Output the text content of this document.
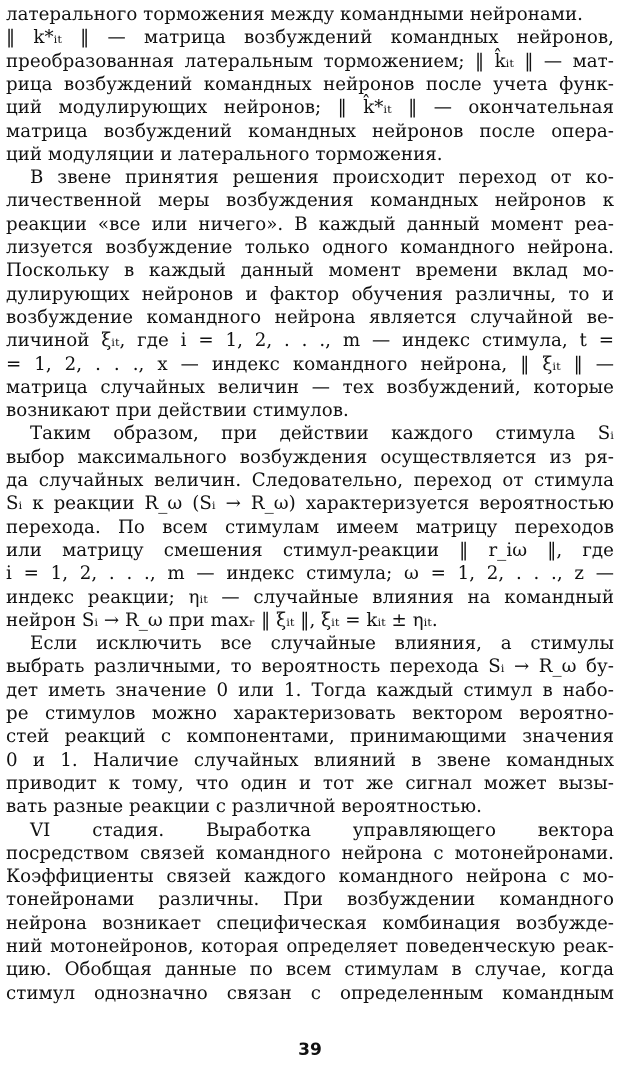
латерального торможения между командными нейронами.
‖ k*ᵢₜ ‖ — матрица возбуждений командных нейронов,
преобразованная латеральным торможением; ‖ k̂ᵢₜ ‖ — мат-
рица возбуждений командных нейронов после учета функ-
ций модулирующих нейронов; ‖ k̂*ᵢₜ ‖ — окончательная
матрица возбуждений командных нейронов после опера-
ций модуляции и латерального торможения.
В звене принятия решения происходит переход от ко-
личественной меры возбуждения командных нейронов к
реакции «все или ничего». В каждый данный момент реа-
лизуется возбуждение только одного командного нейрона.
Поскольку в каждый данный момент времени вклад мо-
дулирующих нейронов и фактор обучения различны, то и
возбуждение командного нейрона является случайной ве-
личиной ξᵢₜ, где i = 1, 2, . . ., m — индекс стимула, t =
= 1, 2, . . ., x — индекс командного нейрона, ‖ ξᵢₜ ‖ —
матрица случайных величин — тех возбуждений, которые
возникают при действии стимулов.
Таким образом, при действии каждого стимула Sᵢ
выбор максимального возбуждения осуществляется из ря-
да случайных величин. Следовательно, переход от стимула
Sᵢ к реакции R_ω (Sᵢ → R_ω) характеризуется вероятностью
перехода. По всем стимулам имеем матрицу переходов
или матрицу смешения стимул-реакции ‖ r_iω ‖, где
i = 1, 2, . . ., m — индекс стимула; ω = 1, 2, . . ., z —
индекс реакции; ηᵢₜ — случайные влияния на командный
нейрон Sᵢ → R_ω при maxᵣ ‖ ξᵢₜ ‖, ξᵢₜ = kᵢₜ ± ηᵢₜ.
Если исключить все случайные влияния, а стимулы
выбрать различными, то вероятность перехода Sᵢ → R_ω бу-
дет иметь значение 0 или 1. Тогда каждый стимул в набо-
ре стимулов можно характеризовать вектором вероятно-
стей реакций с компонентами, принимающими значения
0 и 1. Наличие случайных влияний в звене командных
приводит к тому, что один и тот же сигнал может вызы-
вать разные реакции с различной вероятностью.
VI стадия. Выработка управляющего вектора
посредством связей командного нейрона с мотонейронами.
Коэффициенты связей каждого командного нейрона с мо-
тонейронами различны. При возбуждении командного
нейрона возникает специфическая комбинация возбужде-
ний мотонейронов, которая определяет поведенческую реак-
цию. Обобщая данные по всем стимулам в случае, когда
стимул однозначно связан с определенным командным
39
